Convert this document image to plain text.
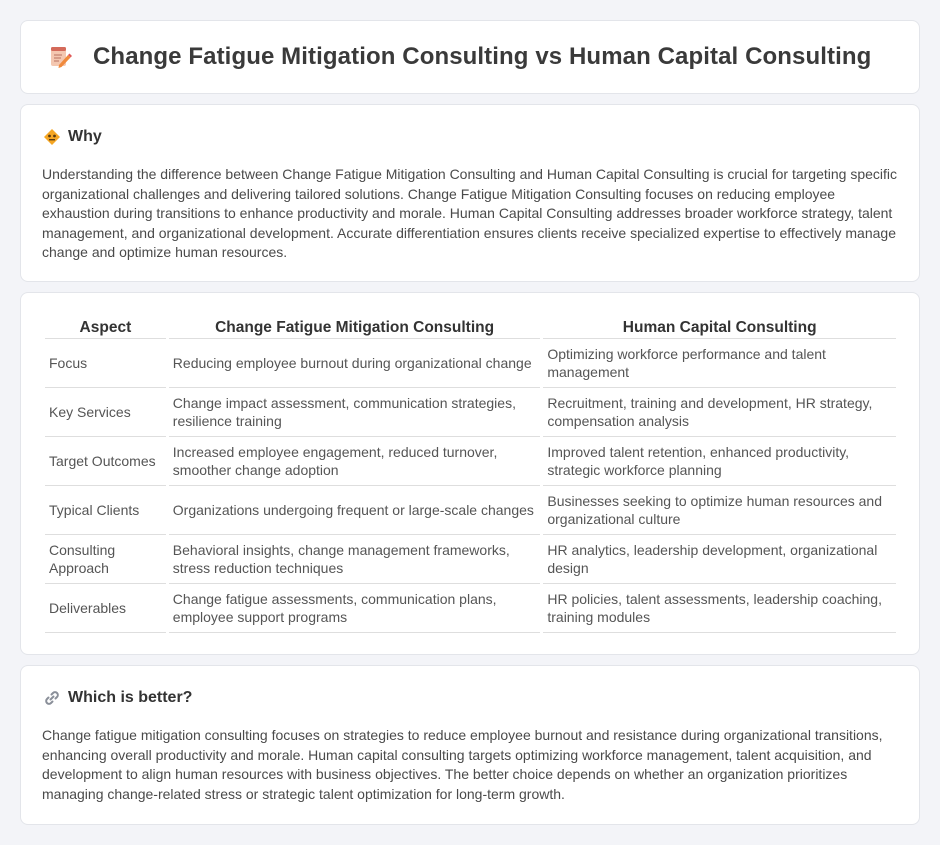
Change Fatigue Mitigation Consulting vs Human Capital Consulting
Why

Understanding the difference between Change Fatigue Mitigation Consulting and Human Capital Consulting is crucial for targeting specific organizational challenges and delivering tailored solutions. Change Fatigue Mitigation Consulting focuses on reducing employee exhaustion during transitions to enhance productivity and morale. Human Capital Consulting addresses broader workforce strategy, talent management, and organizational development. Accurate differentiation ensures clients receive specialized expertise to effectively manage change and optimize human resources.

Aspect	Change Fatigue Mitigation Consulting	Human Capital Consulting
Focus	Reducing employee burnout during organizational change	Optimizing workforce performance and talent management
Key Services	Change impact assessment, communication strategies, resilience training	Recruitment, training and development, HR strategy, compensation analysis
Target Outcomes	Increased employee engagement, reduced turnover, smoother change adoption	Improved talent retention, enhanced productivity, strategic workforce planning
Typical Clients	Organizations undergoing frequent or large-scale changes	Businesses seeking to optimize human resources and organizational culture
Consulting Approach	Behavioral insights, change management frameworks, stress reduction techniques	HR analytics, leadership development, organizational design
Deliverables	Change fatigue assessments, communication plans, employee support programs	HR policies, talent assessments, leadership coaching, training modules
Which is better?

Change fatigue mitigation consulting focuses on strategies to reduce employee burnout and resistance during organizational transitions, enhancing overall productivity and morale. Human capital consulting targets optimizing workforce management, talent acquisition, and development to align human resources with business objectives. The better choice depends on whether an organization prioritizes managing change-related stress or strategic talent optimization for long-term growth.
